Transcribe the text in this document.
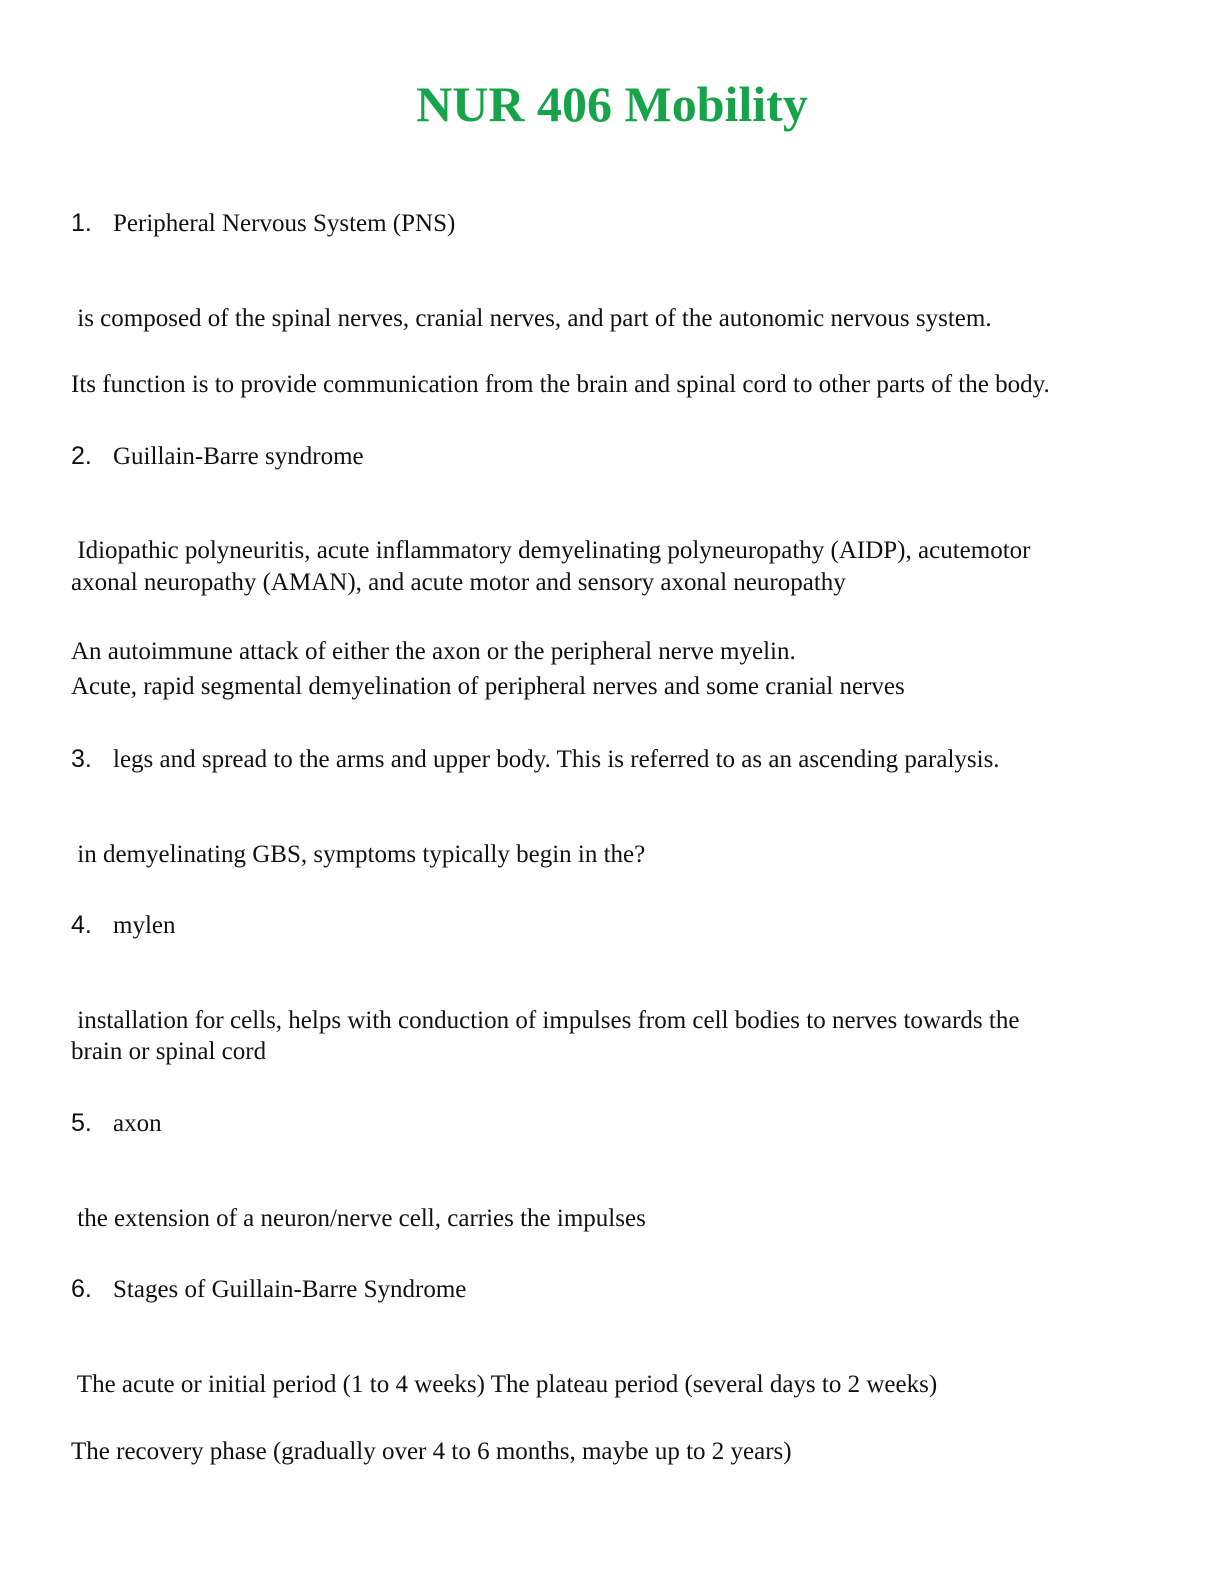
NUR 406 Mobility
1. Peripheral Nervous System (PNS)
is composed of the spinal nerves, cranial nerves, and part of the autonomic nervous system.
Its function is to provide communication from the brain and spinal cord to other parts of the body.
2. Guillain-Barre syndrome
Idiopathic polyneuritis, acute inflammatory demyelinating polyneuropathy (AIDP), acutemotor
axonal neuropathy (AMAN), and acute motor and sensory axonal neuropathy
An autoimmune attack of either the axon or the peripheral nerve myelin.
Acute, rapid segmental demyelination of peripheral nerves and some cranial nerves
3. legs and spread to the arms and upper body. This is referred to as an ascending paralysis.
in demyelinating GBS, symptoms typically begin in the?
4. mylen
installation for cells, helps with conduction of impulses from cell bodies to nerves towards the
brain or spinal cord
5. axon
the extension of a neuron/nerve cell, carries the impulses
6. Stages of Guillain-Barre Syndrome
The acute or initial period (1 to 4 weeks) The plateau period (several days to 2 weeks)
The recovery phase (gradually over 4 to 6 months, maybe up to 2 years)
